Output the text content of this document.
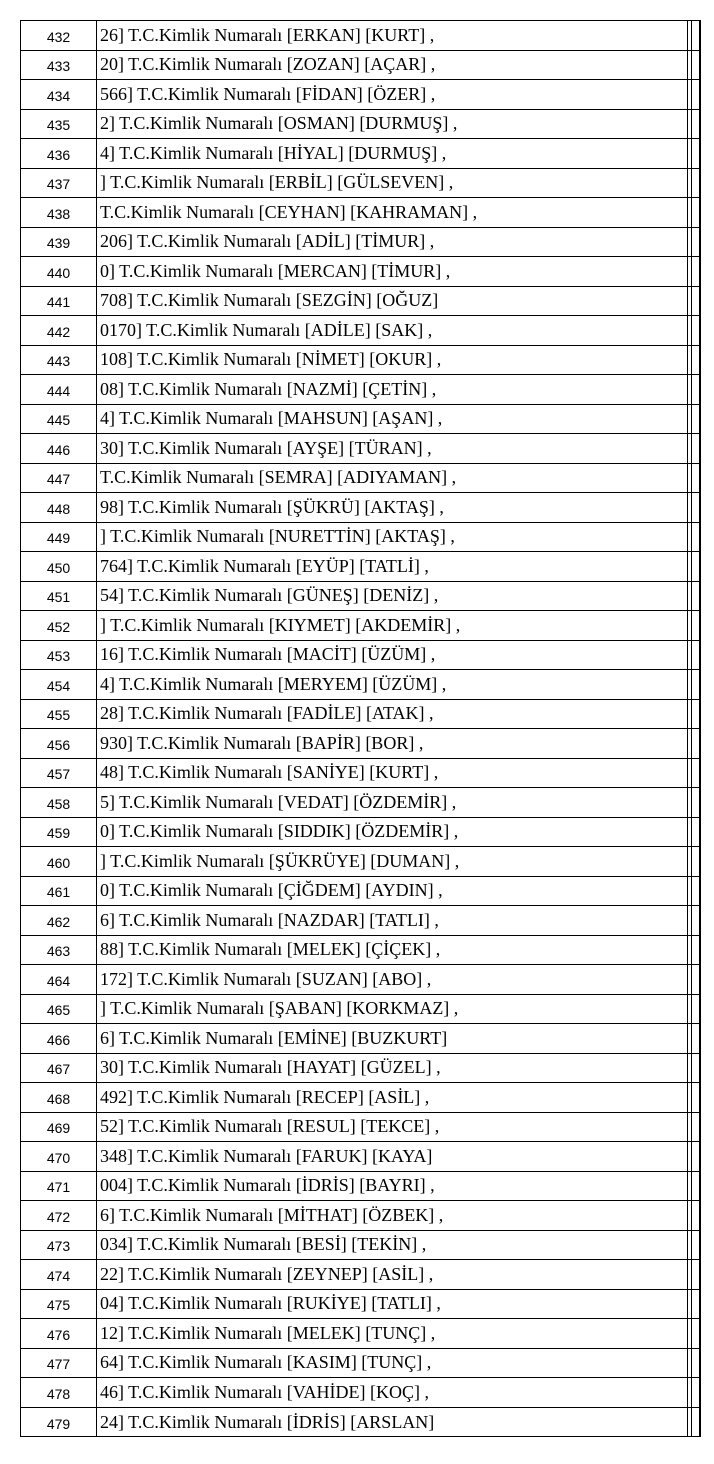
432	26] T.C.Kimlik Numaralı [ERKAN] [KURT] ,
433	20] T.C.Kimlik Numaralı [ZOZAN] [AÇAR] ,
434	566] T.C.Kimlik Numaralı [FİDAN] [ÖZER] ,
435	2] T.C.Kimlik Numaralı [OSMAN] [DURMUŞ] ,
436	4] T.C.Kimlik Numaralı [HİYAL] [DURMUŞ] ,
437	] T.C.Kimlik Numaralı [ERBİL] [GÜLSEVEN] ,
438	T.C.Kimlik Numaralı [CEYHAN] [KAHRAMAN] ,
439	206] T.C.Kimlik Numaralı [ADİL] [TİMUR] ,
440	0] T.C.Kimlik Numaralı [MERCAN] [TİMUR] ,
441	708] T.C.Kimlik Numaralı [SEZGİN] [OĞUZ]
442	0170] T.C.Kimlik Numaralı [ADİLE] [SAK] ,
443	108] T.C.Kimlik Numaralı [NİMET] [OKUR] ,
444	08] T.C.Kimlik Numaralı [NAZMİ] [ÇETİN] ,
445	4] T.C.Kimlik Numaralı [MAHSUN] [AŞAN] ,
446	30] T.C.Kimlik Numaralı [AYŞE] [TÜRAN] ,
447	T.C.Kimlik Numaralı [SEMRA] [ADIYAMAN] ,
448	98] T.C.Kimlik Numaralı [ŞÜKRÜ] [AKTAŞ] ,
449	] T.C.Kimlik Numaralı [NURETTİN] [AKTAŞ] ,
450	764] T.C.Kimlik Numaralı [EYÜP] [TATLİ] ,
451	54] T.C.Kimlik Numaralı [GÜNEŞ] [DENİZ] ,
452	] T.C.Kimlik Numaralı [KIYMET] [AKDEMİR] ,
453	16] T.C.Kimlik Numaralı [MACİT] [ÜZÜM] ,
454	4] T.C.Kimlik Numaralı [MERYEM] [ÜZÜM] ,
455	28] T.C.Kimlik Numaralı [FADİLE] [ATAK] ,
456	930] T.C.Kimlik Numaralı [BAPİR] [BOR] ,
457	48] T.C.Kimlik Numaralı [SANİYE] [KURT] ,
458	5] T.C.Kimlik Numaralı [VEDAT] [ÖZDEMİR] ,
459	0] T.C.Kimlik Numaralı [SIDDIK] [ÖZDEMİR] ,
460	] T.C.Kimlik Numaralı [ŞÜKRÜYE] [DUMAN] ,
461	0] T.C.Kimlik Numaralı [ÇİĞDEM] [AYDIN] ,
462	6] T.C.Kimlik Numaralı [NAZDAR] [TATLI] ,
463	88] T.C.Kimlik Numaralı [MELEK] [ÇİÇEK] ,
464	172] T.C.Kimlik Numaralı [SUZAN] [ABO] ,
465	] T.C.Kimlik Numaralı [ŞABAN] [KORKMAZ] ,
466	6] T.C.Kimlik Numaralı [EMİNE] [BUZKURT]
467	30] T.C.Kimlik Numaralı [HAYAT] [GÜZEL] ,
468	492] T.C.Kimlik Numaralı [RECEP] [ASİL] ,
469	52] T.C.Kimlik Numaralı [RESUL] [TEKCE] ,
470	348] T.C.Kimlik Numaralı [FARUK] [KAYA]
471	004] T.C.Kimlik Numaralı [İDRİS] [BAYRI] ,
472	6] T.C.Kimlik Numaralı [MİTHAT] [ÖZBEK] ,
473	034] T.C.Kimlik Numaralı [BESİ] [TEKİN] ,
474	22] T.C.Kimlik Numaralı [ZEYNEP] [ASİL] ,
475	04] T.C.Kimlik Numaralı [RUKİYE] [TATLI] ,
476	12] T.C.Kimlik Numaralı [MELEK] [TUNÇ] ,
477	64] T.C.Kimlik Numaralı [KASIM] [TUNÇ] ,
478	46] T.C.Kimlik Numaralı [VAHİDE] [KOÇ] ,
479	24] T.C.Kimlik Numaralı [İDRİS] [ARSLAN]
